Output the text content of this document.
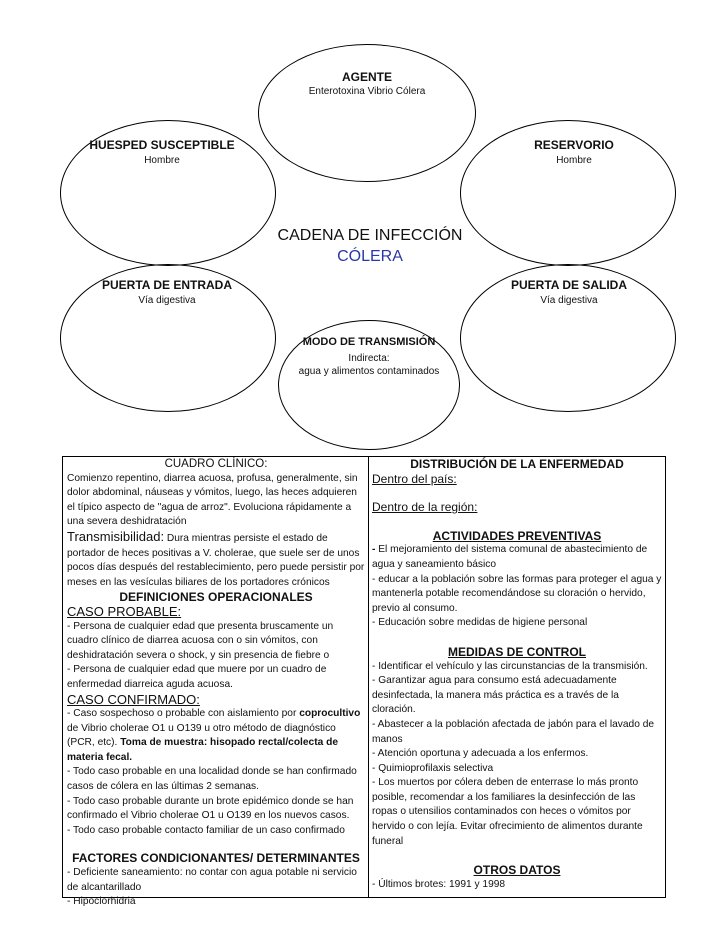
AGENTE
Enterotoxina Vibrio Cólera
HUESPED SUSCEPTIBLE
Hombre
RESERVORIO
Hombre
CADENA DE INFECCIÓN
CÓLERA
PUERTA DE ENTRADA
Vía digestiva
PUERTA DE SALIDA
Vía digestiva
MODO DE TRANSMISIÓN
Indirecta:
agua y alimentos contaminados

CUADRO CLÍNICO:

Comienzo repentino, diarrea acuosa, profusa, generalmente, sin dolor abdominal, náuseas y vómitos, luego, las heces adquieren el típico aspecto de "agua de arroz". Evoluciona rápidamente a una severa deshidratación

Transmisibilidad: Dura mientras persiste el estado de portador de heces positivas a V. cholerae, que suele ser de unos pocos días después del restablecimiento, pero puede persistir por meses en las vesículas biliares de los portadores crónicos

DEFINICIONES OPERACIONALES

CASO PROBABLE:

- Persona de cualquier edad que presenta bruscamente un cuadro clínico de diarrea acuosa con o sin vómitos, con deshidratación severa o shock, y sin presencia de fiebre o

- Persona de cualquier edad que muere por un cuadro de enfermedad diarreica aguda acuosa.

CASO CONFIRMADO:

- Caso sospechoso o probable con aislamiento por coprocultivo de Vibrio cholerae O1 u O139 u otro método de diagnóstico (PCR, etc). Toma de muestra: hisopado rectal/colecta de materia fecal.

- Todo caso probable en una localidad donde se han confirmado casos de cólera en las últimas 2 semanas.

- Todo caso probable durante un brote epidémico donde se han confirmado el Vibrio cholerae O1 u O139 en los nuevos casos.

- Todo caso probable contacto familiar de un caso confirmado

FACTORES CONDICIONANTES/ DETERMINANTES

- Deficiente saneamiento: no contar con agua potable ni servicio de alcantarillado

- Hipoclorhidria

DISTRIBUCIÓN DE LA ENFERMEDAD

Dentro del país:

Dentro de la región:

ACTIVIDADES PREVENTIVAS

- El mejoramiento del sistema comunal de abastecimiento de agua y saneamiento básico

- educar a la población sobre las formas para proteger el agua y mantenerla potable recomendándose su cloración o hervido, previo al consumo.

- Educación sobre medidas de higiene personal

MEDIDAS DE CONTROL

- Identificar el vehículo y las circunstancias de la transmisión.

- Garantizar agua para consumo está adecuadamente desinfectada, la manera más práctica es a través de la cloración.

- Abastecer a la población afectada de jabón para el lavado de manos

- Atención oportuna y adecuada a los enfermos.

- Quimioprofilaxis selectiva

- Los muertos por cólera deben de enterrase lo más pronto posible, recomendar a los familiares la desinfección de las ropas o utensilios contaminados con heces o vómitos por hervido o con lejía. Evitar ofrecimiento de alimentos durante funeral

OTROS DATOS

- Últimos brotes: 1991 y 1998
